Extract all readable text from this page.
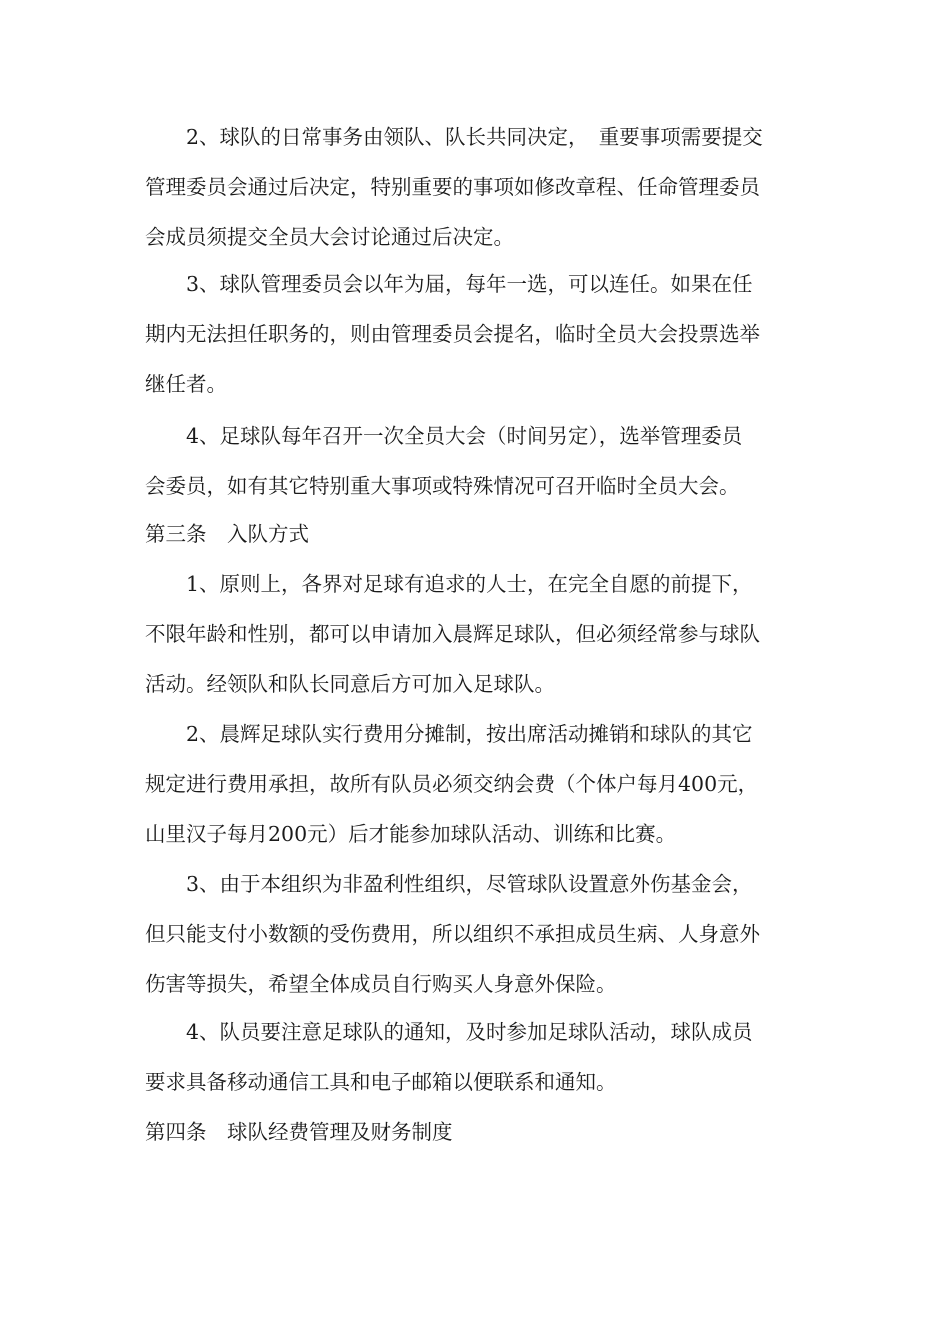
　　2、球队的日常事务由领队、队长共同决定，　重要事项需要提交
管理委员会通过后决定，特别重要的事项如修改章程、任命管理委员
会成员须提交全员大会讨论通过后决定。
　　3、球队管理委员会以年为届，每年一选，可以连任。如果在任
期内无法担任职务的，则由管理委员会提名，临时全员大会投票选举
继任者。
　　4、足球队每年召开一次全员大会（时间另定），选举管理委员
会委员，如有其它特别重大事项或特殊情况可召开临时全员大会。
第三条　入队方式
　　1、原则上，各界对足球有追求的人士，在完全自愿的前提下，
不限年龄和性别，都可以申请加入晨辉足球队，但必须经常参与球队
活动。经领队和队长同意后方可加入足球队。
　　2、晨辉足球队实行费用分摊制，按出席活动摊销和球队的其它
规定进行费用承担，故所有队员必须交纳会费（个体户每月400元，
山里汉子每月200元）后才能参加球队活动、训练和比赛。
　　3、由于本组织为非盈利性组织，尽管球队设置意外伤基金会，
但只能支付小数额的受伤费用，所以组织不承担成员生病、人身意外
伤害等损失，希望全体成员自行购买人身意外保险。
　　4、队员要注意足球队的通知，及时参加足球队活动，球队成员
要求具备移动通信工具和电子邮箱以便联系和通知。
第四条　球队经费管理及财务制度
